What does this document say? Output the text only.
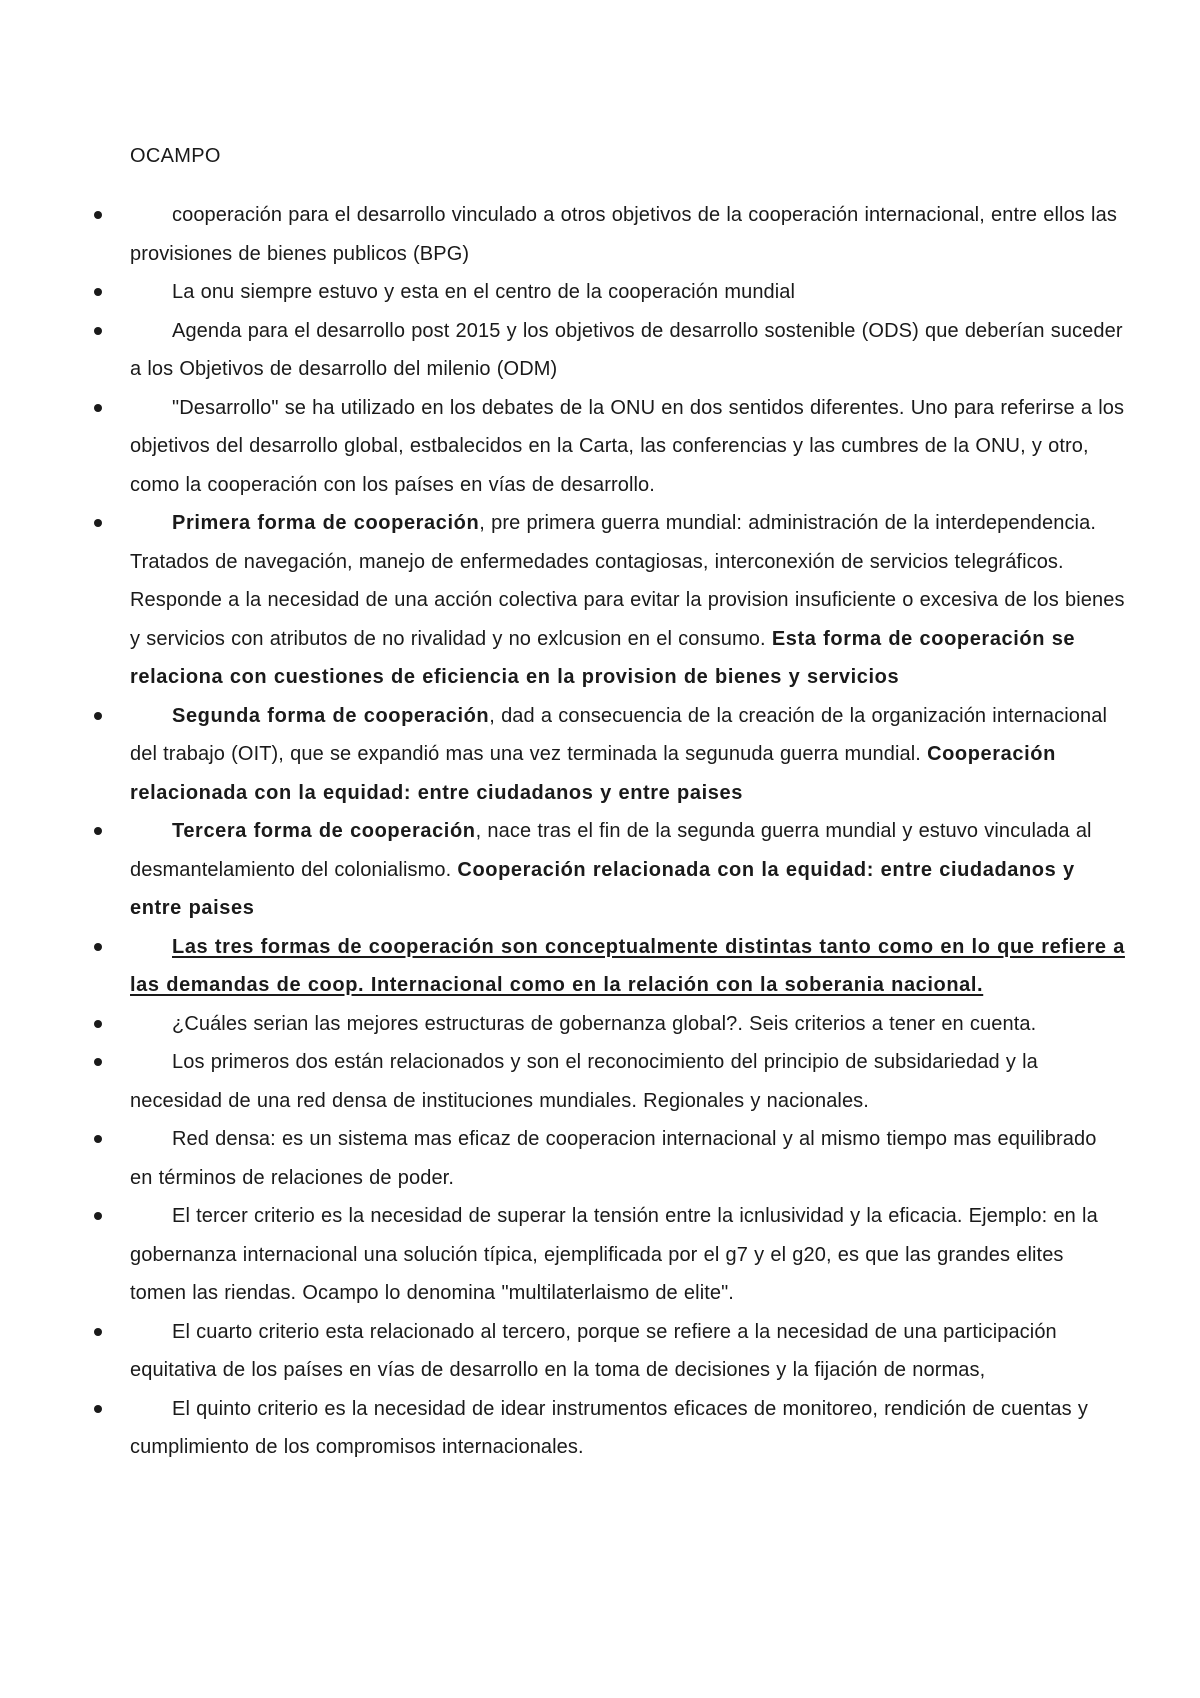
OCAMPO
cooperación para el desarrollo vinculado a otros objetivos de la cooperación internacional, entre ellos las provisiones de bienes publicos (BPG)
La onu siempre estuvo y esta en el centro de la cooperación mundial
Agenda para el desarrollo post 2015 y los objetivos de desarrollo sostenible (ODS) que deberían suceder a los Objetivos de desarrollo del milenio (ODM)
"Desarrollo" se ha utilizado en los debates de la ONU en dos sentidos diferentes. Uno para referirse a los objetivos del desarrollo global, estbalecidos en la Carta, las conferencias y las cumbres de la ONU, y otro, como la cooperación con los países en vías de desarrollo.
Primera forma de cooperación, pre primera guerra mundial: administración de la interdependencia. Tratados de navegación, manejo de enfermedades contagiosas, interconexión de servicios telegráficos. Responde a la necesidad de una acción colectiva para evitar la provision insuficiente o excesiva de los bienes y servicios con atributos de no rivalidad y no exlcusion en el consumo. Esta forma de cooperación se relaciona con cuestiones de eficiencia en la provision de bienes y servicios
Segunda forma de cooperación, dad a consecuencia de la creación de la organización internacional del trabajo (OIT), que se expandió mas una vez terminada la segunuda guerra mundial. Cooperación relacionada con la equidad: entre ciudadanos y entre paises
Tercera forma de cooperación, nace tras el fin de la segunda guerra mundial y estuvo vinculada al desmantelamiento del colonialismo. Cooperación relacionada con la equidad: entre ciudadanos y entre paises
Las tres formas de cooperación son conceptualmente distintas tanto como en lo que refiere a las demandas de coop. Internacional como en la relación con la soberania nacional.
¿Cuáles serian las mejores estructuras de gobernanza global?. Seis criterios a tener en cuenta.
Los primeros dos están relacionados y son el reconocimiento del principio de subsidariedad y la necesidad de una red densa de instituciones mundiales. Regionales y nacionales.
Red densa: es un sistema mas eficaz de cooperacion internacional y al mismo tiempo mas equilibrado en términos de relaciones de poder.
El tercer criterio es la necesidad de superar la tensión entre la icnlusividad y la eficacia. Ejemplo: en la gobernanza internacional una solución típica, ejemplificada por el g7 y el g20, es que las grandes elites tomen las riendas. Ocampo lo denomina "multilaterlaismo de elite".
El cuarto criterio esta relacionado al tercero, porque se refiere a la necesidad de una participación equitativa de los países en vías de desarrollo en la toma de decisiones y la fijación de normas,
El quinto criterio es la necesidad de idear instrumentos eficaces de monitoreo, rendición de cuentas y cumplimiento de los compromisos internacionales.
